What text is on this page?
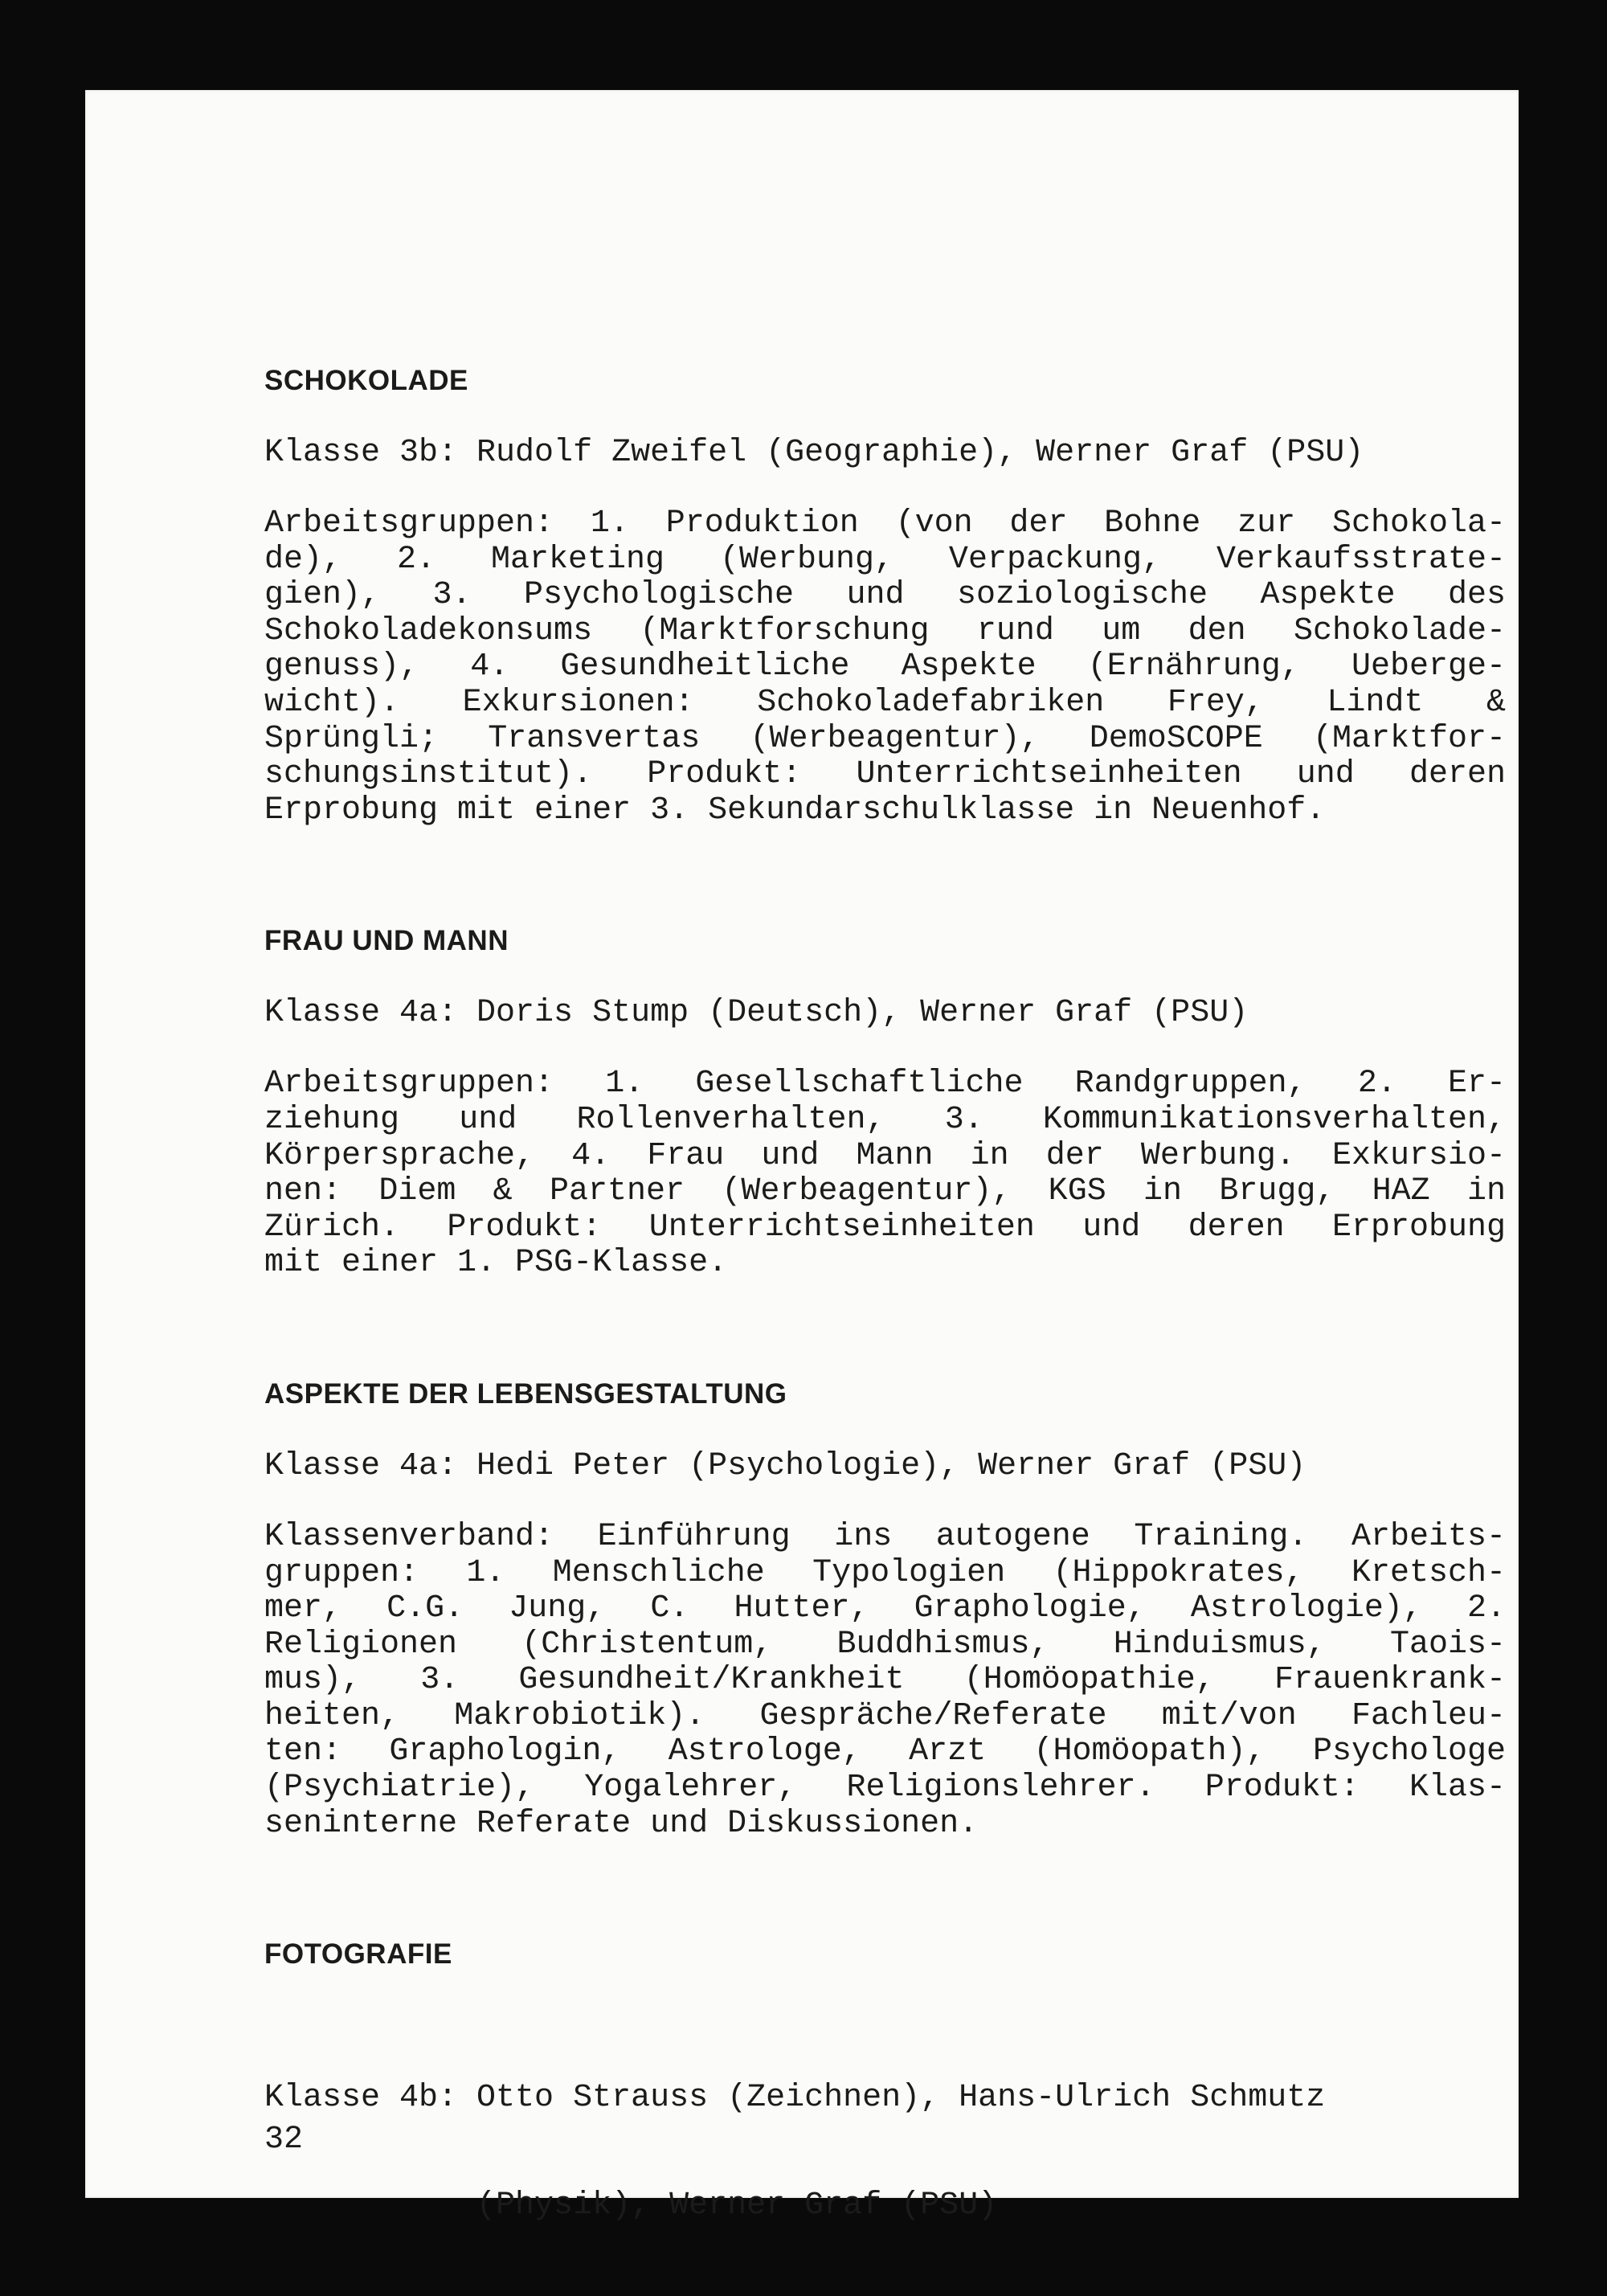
SCHOKOLADE
Klasse 3b: Rudolf Zweifel (Geographie), Werner Graf (PSU)
Arbeitsgruppen: 1. Produktion (von der Bohne zur Schokola-
de), 2. Marketing (Werbung, Verpackung, Verkaufsstrate-
gien), 3. Psychologische und soziologische Aspekte des
Schokoladekonsums (Marktforschung rund um den Schokolade-
genuss), 4. Gesundheitliche Aspekte (Ernährung, Ueberge-
wicht). Exkursionen: Schokoladefabriken Frey, Lindt &
Sprüngli; Transvertas (Werbeagentur), DemoSCOPE (Marktfor-
schungsinstitut). Produkt: Unterrichtseinheiten und deren
Erprobung mit einer 3. Sekundarschulklasse in Neuenhof.
FRAU UND MANN
Klasse 4a: Doris Stump (Deutsch), Werner Graf (PSU)
Arbeitsgruppen: 1. Gesellschaftliche Randgruppen, 2. Er-
ziehung und Rollenverhalten, 3. Kommunikationsverhalten,
Körpersprache, 4. Frau und Mann in der Werbung. Exkursio-
nen: Diem & Partner (Werbeagentur), KGS in Brugg, HAZ in
Zürich. Produkt: Unterrichtseinheiten und deren Erprobung
mit einer 1. PSG-Klasse.
ASPEKTE DER LEBENSGESTALTUNG
Klasse 4a: Hedi Peter (Psychologie), Werner Graf (PSU)
Klassenverband: Einführung ins autogene Training. Arbeits-
gruppen: 1. Menschliche Typologien (Hippokrates, Kretsch-
mer, C.G. Jung, C. Hutter, Graphologie, Astrologie), 2.
Religionen (Christentum, Buddhismus, Hinduismus, Taois-
mus), 3. Gesundheit/Krankheit (Homöopathie, Frauenkrank-
heiten, Makrobiotik). Gespräche/Referate mit/von Fachleu-
ten: Graphologin, Astrologe, Arzt (Homöopath), Psychologe
(Psychiatrie), Yogalehrer, Religionslehrer. Produkt: Klas-
seninterne Referate und Diskussionen.
FOTOGRAFIE

Klasse 4b: Otto Strauss (Zeichnen), Hans-Ulrich Schmutz

(Physik), Werner Graf (PSU)

32
